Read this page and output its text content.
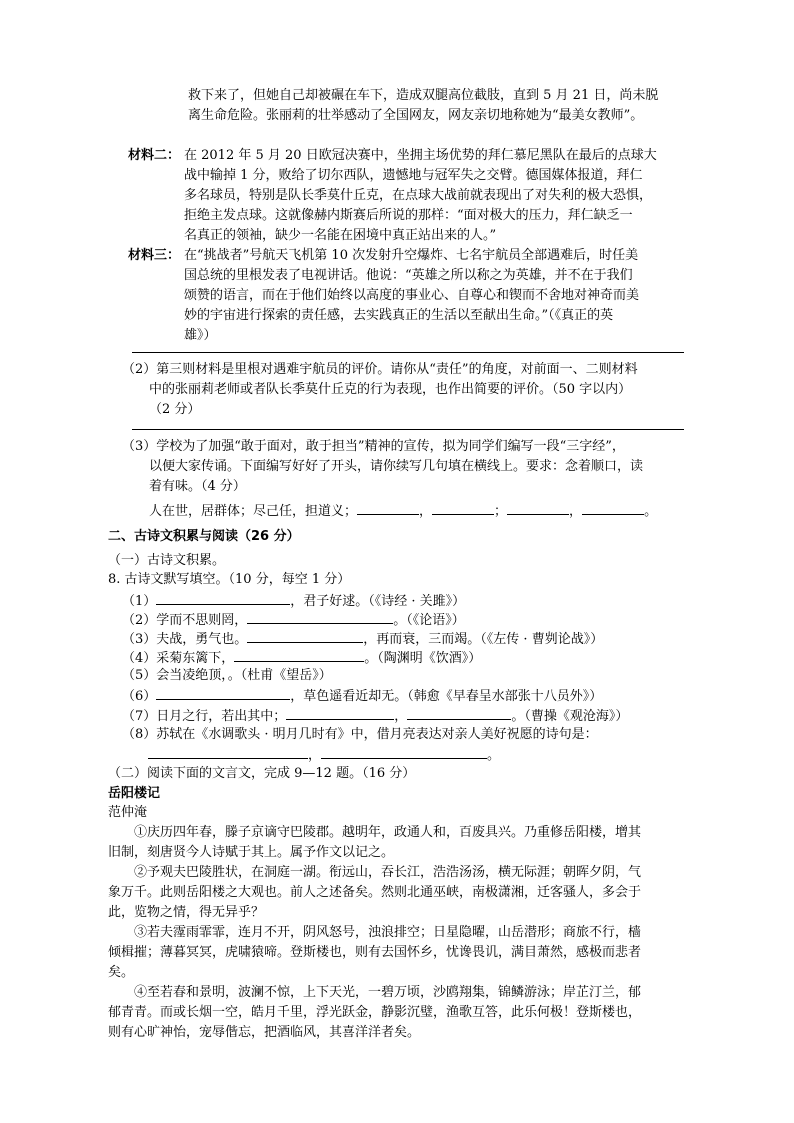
救下来了，但她自己却被碾在车下，造成双腿高位截肢，直到 5 月 21 日，尚未脱
离生命危险。张丽莉的壮举感动了全国网友，网友亲切地称她为“最美女教师”。
材料二： 在 2012 年 5 月 20 日欧冠决赛中，坐拥主场优势的拜仁慕尼黑队在最后的点球大
战中输掉 1 分，败给了切尔西队，遗憾地与冠军失之交臂。德国媒体报道，拜仁
多名球员，特别是队长季莫什丘克，在点球大战前就表现出了对失利的极大恐惧，
拒绝主发点球。这就像赫内斯赛后所说的那样：“面对极大的压力，拜仁缺乏一
名真正的领袖，缺少一名能在困境中真正站出来的人。”
材料三： 在“挑战者”号航天飞机第 10 次发射升空爆炸、七名宇航员全部遇难后，时任美
国总统的里根发表了电视讲话。他说：“英雄之所以称之为英雄，并不在于我们
颂赞的语言，而在于他们始终以高度的事业心、自尊心和锲而不舍地对神奇而美
妙的宇宙进行探索的责任感，去实践真正的生活以至献出生命。”（《真正的英
雄》）
（2）第三则材料是里根对遇难宇航员的评价。请你从“责任”的角度，对前面一、二则材料
中的张丽莉老师或者队长季莫什丘克的行为表现，也作出简要的评价。（50 字以内）
（2 分）
（3）学校为了加强“敢于面对，敢于担当”精神的宣传，拟为同学们编写一段“三字经”，
以便大家传诵。下面编写好好了开头，请你续写几句填在横线上。要求：念着顺口，读
着有味。（4 分）
人在世，居群体；尽己任，担道义；	，	；	，	。
二、古诗文积累与阅读（26 分）
（一）古诗文积累。
8. 古诗文默写填空。（10 分，每空 1 分）
（1）	，君子好逑。（《诗经 · 关雎》）
（2）学而不思则罔，	。（《论语》）
（3）夫战，勇气也。	，再而衰，三而竭。（《左传 · 曹刿论战》）
（4）采菊东篱下，	。（陶渊明《饮酒》）
（5）会当凌绝顶，。（杜甫《望岳》）
（6）	，草色遥看近却无。（韩愈《早春呈水部张十八员外》）
（7）日月之行，若出其中；	，	。（曹操《观沧海》）
（8）苏轼在《水调歌头 · 明月几时有》中，借月亮表达对亲人美好祝愿的诗句是：
，	。
（二）阅读下面的文言文，完成 9—12 题。（16 分）
岳阳楼记
范仲淹
①庆历四年春，滕子京谪守巴陵郡。越明年，政通人和，百废具兴。乃重修岳阳楼，增其
旧制，刻唐贤今人诗赋于其上。属予作文以记之。
②予观夫巴陵胜状，在洞庭一湖。衔远山，吞长江，浩浩汤汤，横无际涯；朝晖夕阴，气
象万千。此则岳阳楼之大观也。前人之述备矣。然则北通巫峡，南极潇湘，迁客骚人，多会于
此，览物之情，得无异乎？
③若夫霪雨霏霏，连月不开，阴风怒号，浊浪排空；日星隐曜，山岳潜形；商旅不行，樯
倾楫摧；薄暮冥冥，虎啸猿啼。登斯楼也，则有去国怀乡，忧谗畏讥，满目萧然，感极而悲者
矣。
④至若春和景明，波澜不惊，上下天光，一碧万顷，沙鸥翔集，锦鳞游泳；岸芷汀兰，郁
郁青青。而或长烟一空，皓月千里，浮光跃金，静影沉璧，渔歌互答，此乐何极！登斯楼也，
则有心旷神怡，宠辱偕忘，把酒临风，其喜洋洋者矣。
